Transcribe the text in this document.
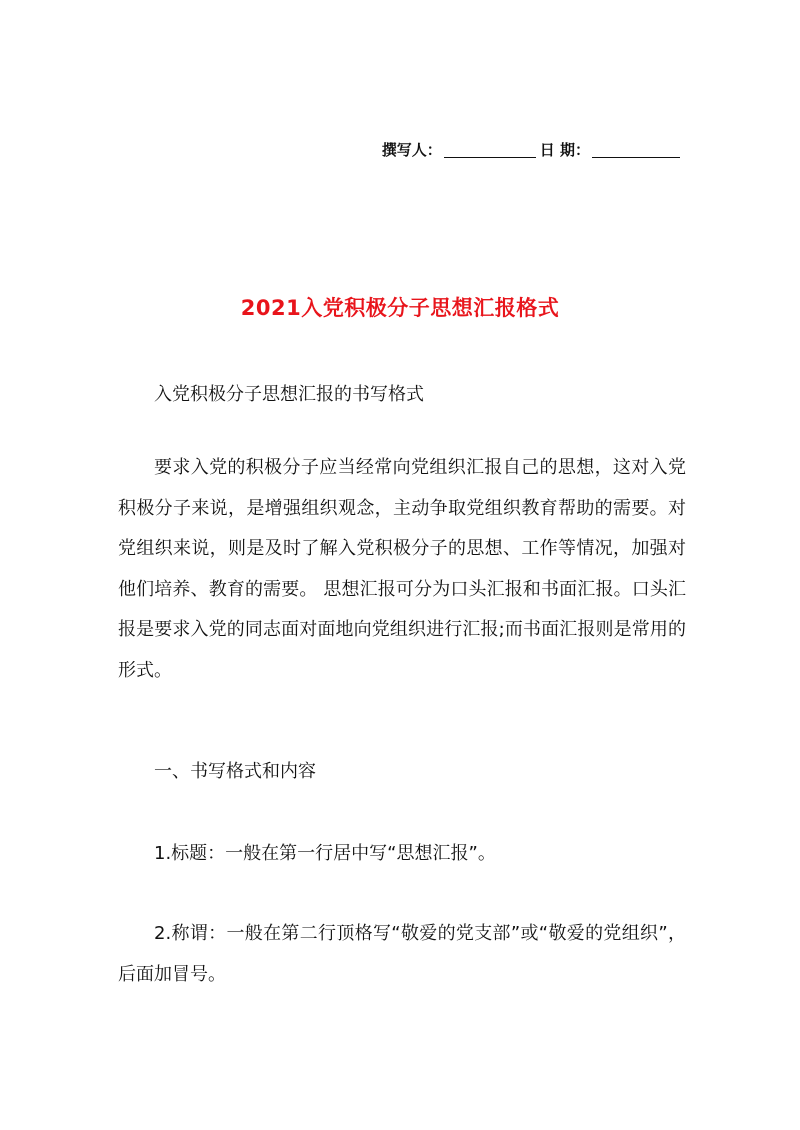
撰写人：	日 期：
2021入党积极分子思想汇报格式
入党积极分子思想汇报的书写格式
要求入党的积极分子应当经常向党组织汇报自己的思想，这对入党积极分子来说，是增强组织观念，主动争取党组织教育帮助的需要。对党组织来说，则是及时了解入党积极分子的思想、工作等情况，加强对他们培养、教育的需要。 思想汇报可分为口头汇报和书面汇报。口头汇报是要求入党的同志面对面地向党组织进行汇报;而书面汇报则是常用的形式。
一、书写格式和内容
1.标题：一般在第一行居中写“思想汇报”。
2.称谓：一般在第二行顶格写“敬爱的党支部”或“敬爱的党组织”，后面加冒号。
